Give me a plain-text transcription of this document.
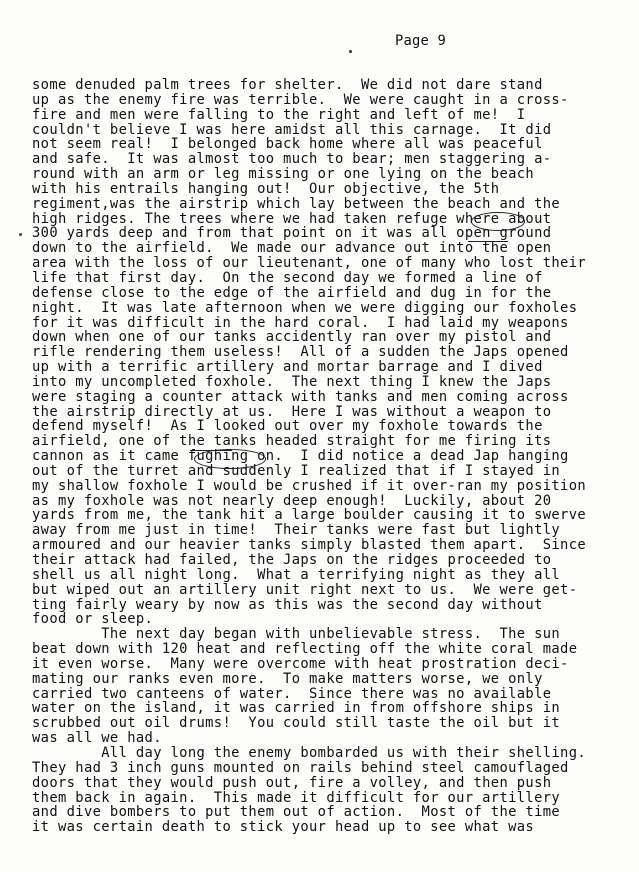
Page 9
some denuded palm trees for shelter.  We did not dare stand
up as the enemy fire was terrible.  We were caught in a cross-
fire and men were falling to the right and left of me!  I
couldn't believe I was here amidst all this carnage.  It did
not seem real!  I belonged back home where all was peaceful
and safe.  It was almost too much to bear; men staggering a-
round with an arm or leg missing or one lying on the beach
with his entrails hanging out!  Our objective, the 5th
regiment,was the airstrip which lay between the beach and the
high ridges. The trees where we had taken refuge where about
300 yards deep and from that point on it was all open ground
down to the airfield.  We made our advance out into the open
area with the loss of our lieutenant, one of many who lost their
life that first day.  On the second day we formed a line of
defense close to the edge of the airfield and dug in for the
night.  It was late afternoon when we were digging our foxholes
for it was difficult in the hard coral.  I had laid my weapons
down when one of our tanks accidently ran over my pistol and
rifle rendering them useless!  All of a sudden the Japs opened
up with a terrific artillery and mortar barrage and I dived
into my uncompleted foxhole.  The next thing I knew the Japs
were staging a counter attack with tanks and men coming across
the airstrip directly at us.  Here I was without a weapon to
defend myself!  As I looked out over my foxhole towards the
airfield, one of the tanks headed straight for me firing its
cannon as it came fughing on.  I did notice a dead Jap hanging
out of the turret and suddenly I realized that if I stayed in
my shallow foxhole I would be crushed if it over-ran my position
as my foxhole was not nearly deep enough!  Luckily, about 20
yards from me, the tank hit a large boulder causing it to swerve
away from me just in time!  Their tanks were fast but lightly
armoured and our heavier tanks simply blasted them apart.  Since
their attack had failed, the Japs on the ridges proceeded to
shell us all night long.  What a terrifying night as they all
but wiped out an artillery unit right next to us.  We were get-
ting fairly weary by now as this was the second day without
food or sleep.
The next day began with unbelievable stress.  The sun
beat down with 120 heat and reflecting off the white coral made
it even worse.  Many were overcome with heat prostration deci-
mating our ranks even more.  To make matters worse, we only
carried two canteens of water.  Since there was no available
water on the island, it was carried in from offshore ships in
scrubbed out oil drums!  You could still taste the oil but it
was all we had.
All day long the enemy bombarded us with their shelling.
They had 3 inch guns mounted on rails behind steel camouflaged
doors that they would push out, fire a volley, and then push
them back in again.  This made it difficult for our artillery
and dive bombers to put them out of action.  Most of the time
it was certain death to stick your head up to see what was
